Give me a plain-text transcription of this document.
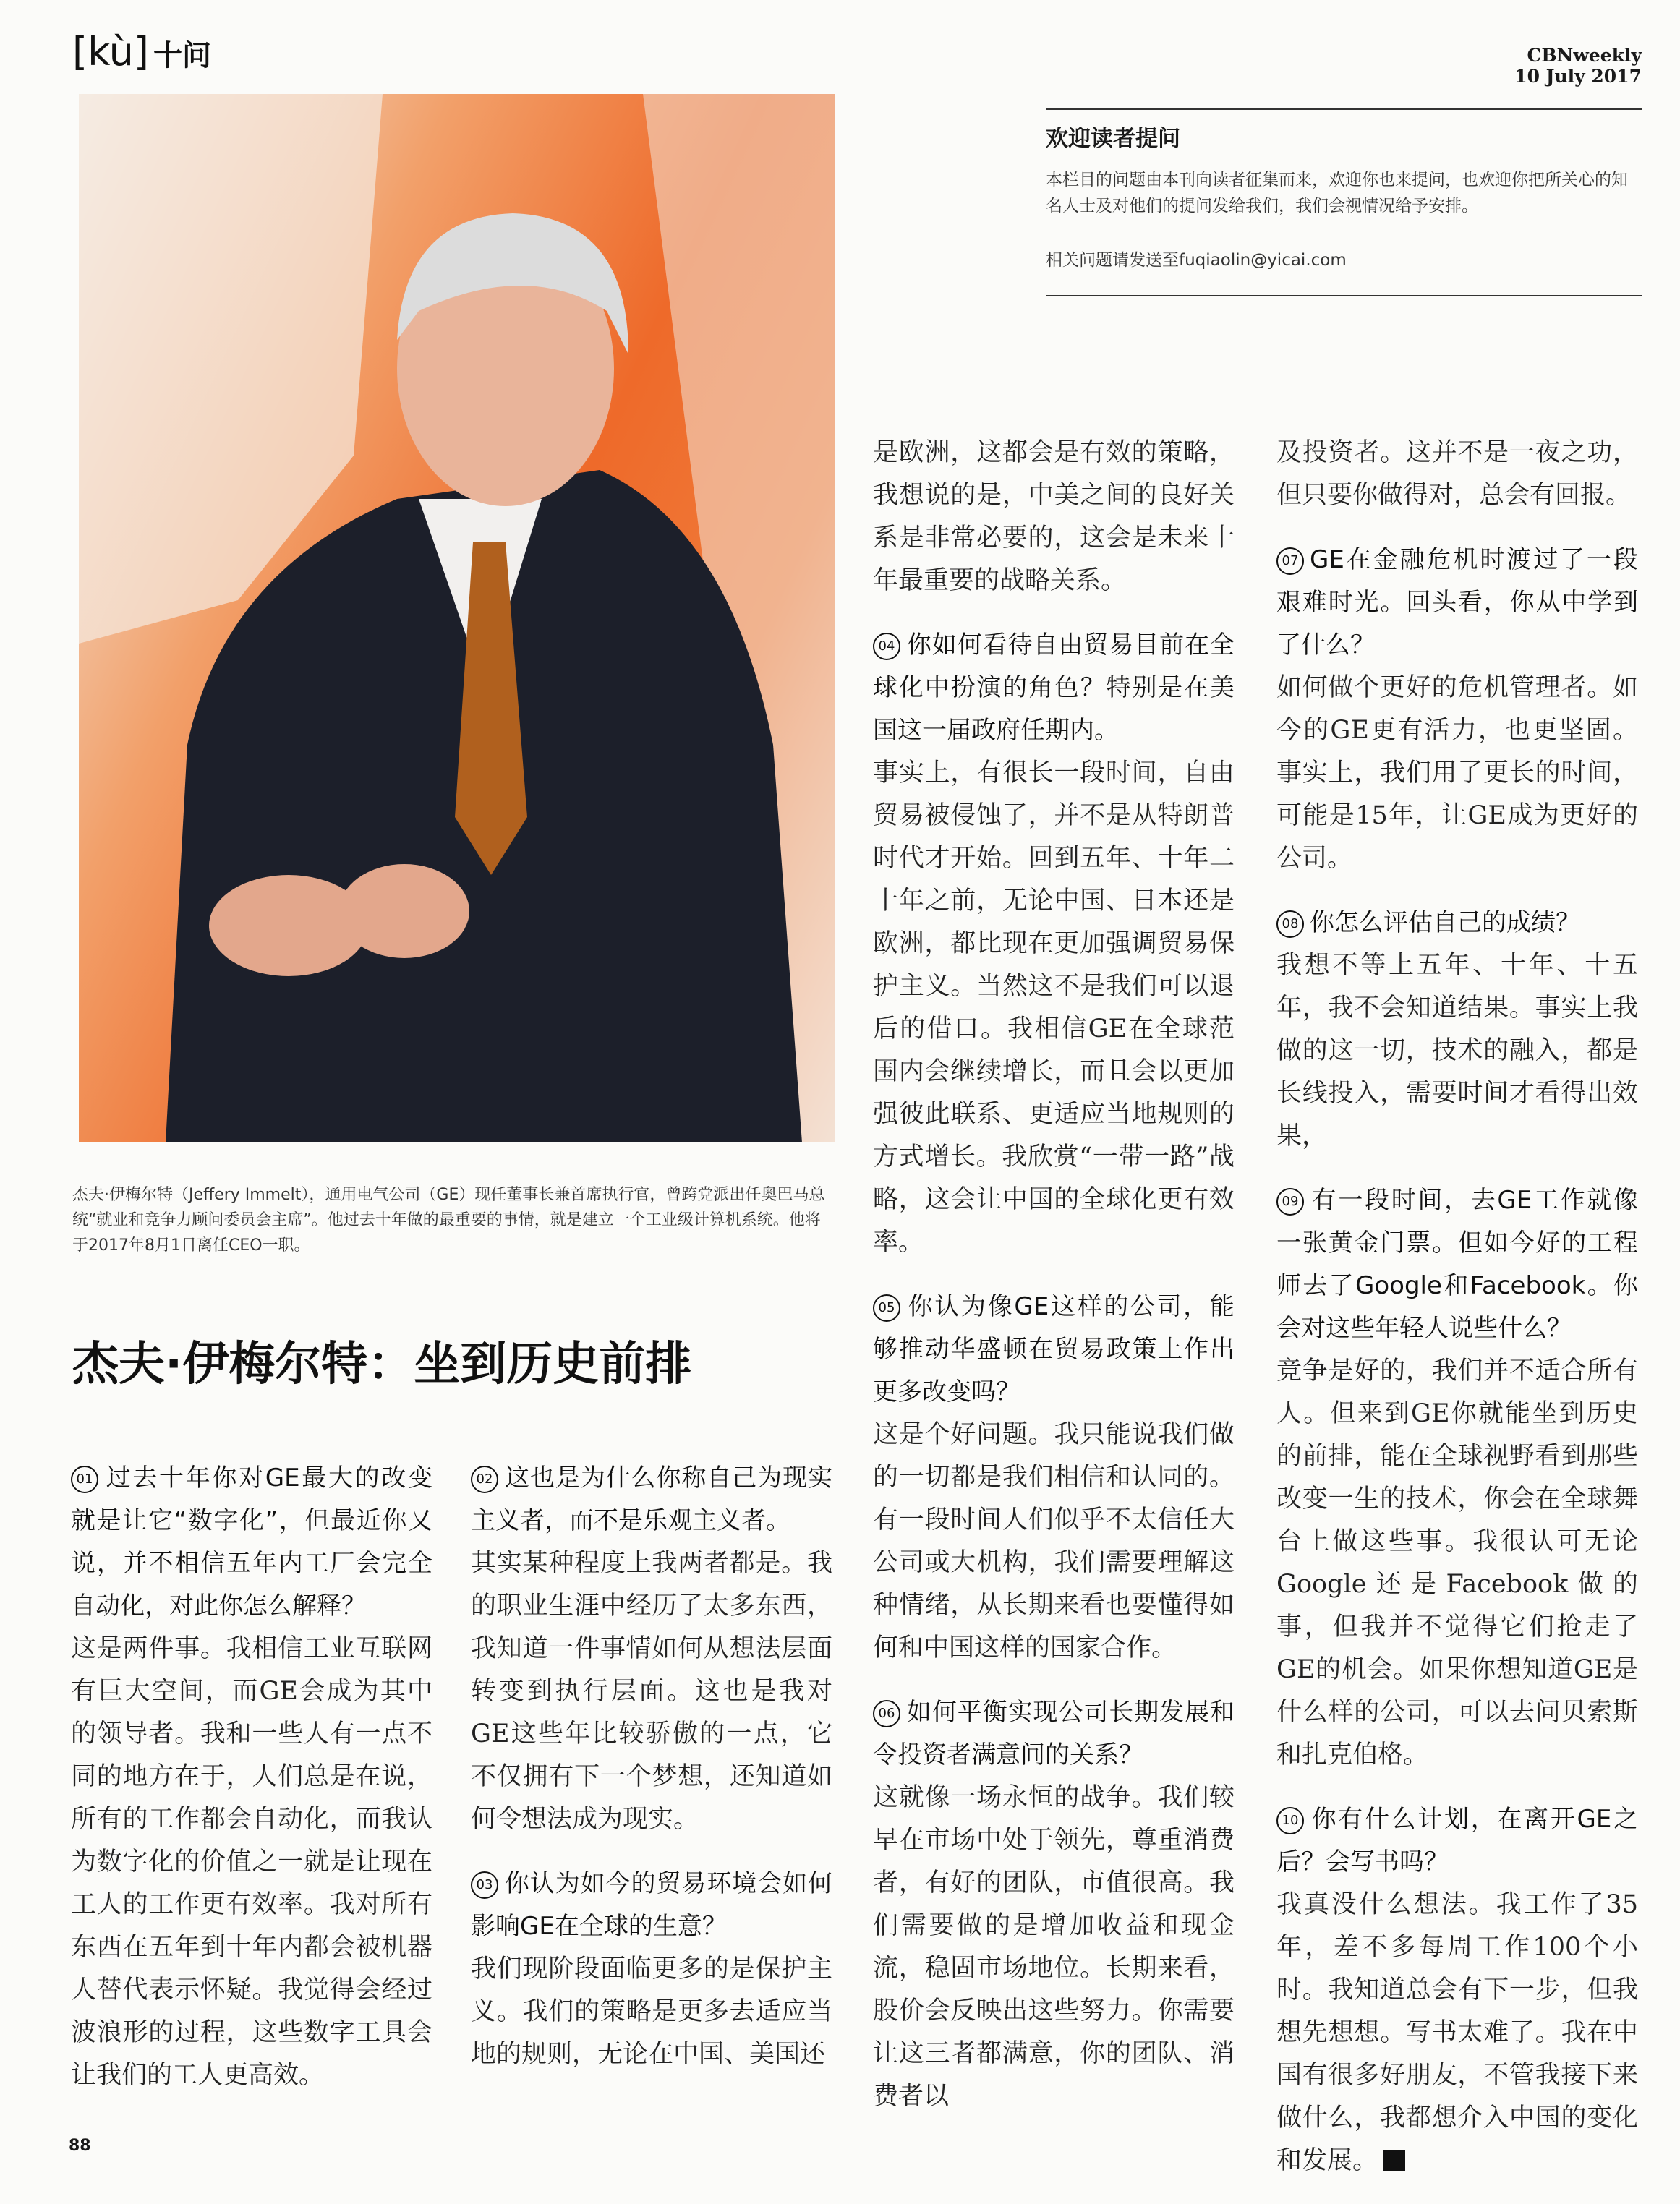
[kù] 十问	CBNweekly
10 July 2017
欢迎读者提问
本栏目的问题由本刊向读者征集而来，欢迎你也来提问，也欢迎你把所关心的知名人士及对他们的提问发给我们，我们会视情况给予安排。
相关问题请发送至fuqiaolin@yicai.com
杰夫·伊梅尔特（Jeffery Immelt），通用电气公司（GE）现任董事长兼首席执行官，曾跨党派出任奥巴马总统“就业和竞争力顾问委员会主席”。他过去十年做的最重要的事情，就是建立一个工业级计算机系统。他将于2017年8月1日离任CEO一职。
杰夫·伊梅尔特：坐到历史前排
01 过去十年你对GE最大的改变就是让它“数字化”，但最近你又说，并不相信五年内工厂会完全自动化，对此你怎么解释？
这是两件事。我相信工业互联网有巨大空间，而GE会成为其中的领导者。我和一些人有一点不同的地方在于，人们总是在说，所有的工作都会自动化，而我认为数字化的价值之一就是让现在工人的工作更有效率。我对所有东西在五年到十年内都会被机器人替代表示怀疑。我觉得会经过波浪形的过程，这些数字工具会让我们的工人更高效。
02 这也是为什么你称自己为现实主义者，而不是乐观主义者。
其实某种程度上我两者都是。我的职业生涯中经历了太多东西，我知道一件事情如何从想法层面转变到执行层面。这也是我对GE这些年比较骄傲的一点，它不仅拥有下一个梦想，还知道如何令想法成为现实。
03 你认为如今的贸易环境会如何影响GE在全球的生意？
我们现阶段面临更多的是保护主义。我们的策略是更多去适应当地的规则，无论在中国、美国还
是欧洲，这都会是有效的策略，我想说的是，中美之间的良好关系是非常必要的，这会是未来十年最重要的战略关系。
04 你如何看待自由贸易目前在全球化中扮演的角色？特别是在美国这一届政府任期内。
事实上，有很长一段时间，自由贸易被侵蚀了，并不是从特朗普时代才开始。回到五年、十年二十年之前，无论中国、日本还是欧洲，都比现在更加强调贸易保护主义。当然这不是我们可以退后的借口。我相信GE在全球范围内会继续增长，而且会以更加强彼此联系、更适应当地规则的方式增长。我欣赏“一带一路”战略，这会让中国的全球化更有效率。
05 你认为像GE这样的公司，能够推动华盛顿在贸易政策上作出更多改变吗？
这是个好问题。我只能说我们做的一切都是我们相信和认同的。有一段时间人们似乎不太信任大公司或大机构，我们需要理解这种情绪，从长期来看也要懂得如何和中国这样的国家合作。
06 如何平衡实现公司长期发展和令投资者满意间的关系？
这就像一场永恒的战争。我们较早在市场中处于领先，尊重消费者，有好的团队，市值很高。我们需要做的是增加收益和现金流，稳固市场地位。长期来看，股价会反映出这些努力。你需要让这三者都满意，你的团队、消费者以
及投资者。这并不是一夜之功，但只要你做得对，总会有回报。
07 GE在金融危机时渡过了一段艰难时光。回头看，你从中学到了什么？
如何做个更好的危机管理者。如今的GE更有活力，也更坚固。事实上，我们用了更长的时间，可能是15年，让GE成为更好的公司。
08 你怎么评估自己的成绩？
我想不等上五年、十年、十五年，我不会知道结果。事实上我做的这一切，技术的融入，都是长线投入，需要时间才看得出效果，
09 有一段时间，去GE工作就像一张黄金门票。但如今好的工程师去了Google和Facebook。你会对这些年轻人说些什么？
竞争是好的，我们并不适合所有人。但来到GE你就能坐到历史的前排，能在全球视野看到那些改变一生的技术，你会在全球舞台上做这些事。我很认可无论Google还是Facebook做的事，但我并不觉得它们抢走了GE的机会。如果你想知道GE是什么样的公司，可以去问贝索斯和扎克伯格。
10 你有什么计划，在离开GE之后？会写书吗？
我真没什么想法。我工作了35年，差不多每周工作100个小时。我知道总会有下一步，但我想先想想。写书太难了。我在中国有很多好朋友，不管我接下来做什么，我都想介入中国的变化和发展。
88
